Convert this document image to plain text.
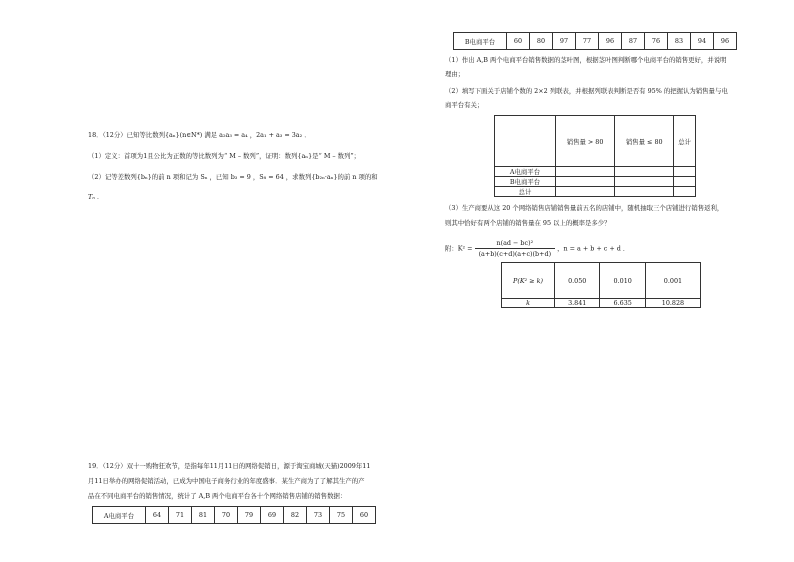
B电商平台	60	80	97	77	96	87	76	83	94	96
（1）作出 A,B 两个电商平台销售数据的茎叶图，根据茎叶图判断哪个电商平台的销售更好，并说明
理由；
（2）填写下面关于店铺个数的 2×2 列联表，并根据列联表判断是否有 95% 的把握认为销售量与电
商平台有关；
	销售量 > 80	销售量 ≤ 80	总计
A电商平台			
B电商平台			
总计			
（3）生产商要从这 20 个网络销售店铺销售量前五名的店铺中，随机抽取三个店铺进行销售返利，
则其中恰好有两个店铺的销售量在 95 以上的概率是多少？
附：$K^2 = \frac{\text{n(ad − bc)²}}{(a+b)(c+d)(a+c)(b+d)}$ ，n = a + b + c + d ．
P(K² ≥ k)	0.050	0.010	0.001
k	3.841	6.635	10.828
18．（12分）已知等比数列{aₙ}(n∈N*) 满足 a₂a₃ = a₄ ，2a₁ + a₃ = 3a₂ ．
（1）定义：首项为1且公比为正数的等比数列为“ M – 数列”，证明：数列{aₙ}是“ M – 数列”；
（2）记等差数列{bₙ}的前 n 项和记为 Sₙ ，已知 b₃ = 9 ，S₈ = 64 ，求数列{b₂ₙ·aₙ}的前 n 项的和
Tₙ ．
19．（12分）双十一购物狂欢节，是指每年11月11日的网络促销日，源于淘宝商城(天猫)2009年11
月11日举办的网络促销活动，已成为中国电子商务行业的年度盛事．某生产商为了了解其生产的产
品在不同电商平台的销售情况，统计了 A,B 两个电商平台各十个网络销售店铺的销售数据：
A电商平台	64	71	81	70	79	69	82	73	75	60
